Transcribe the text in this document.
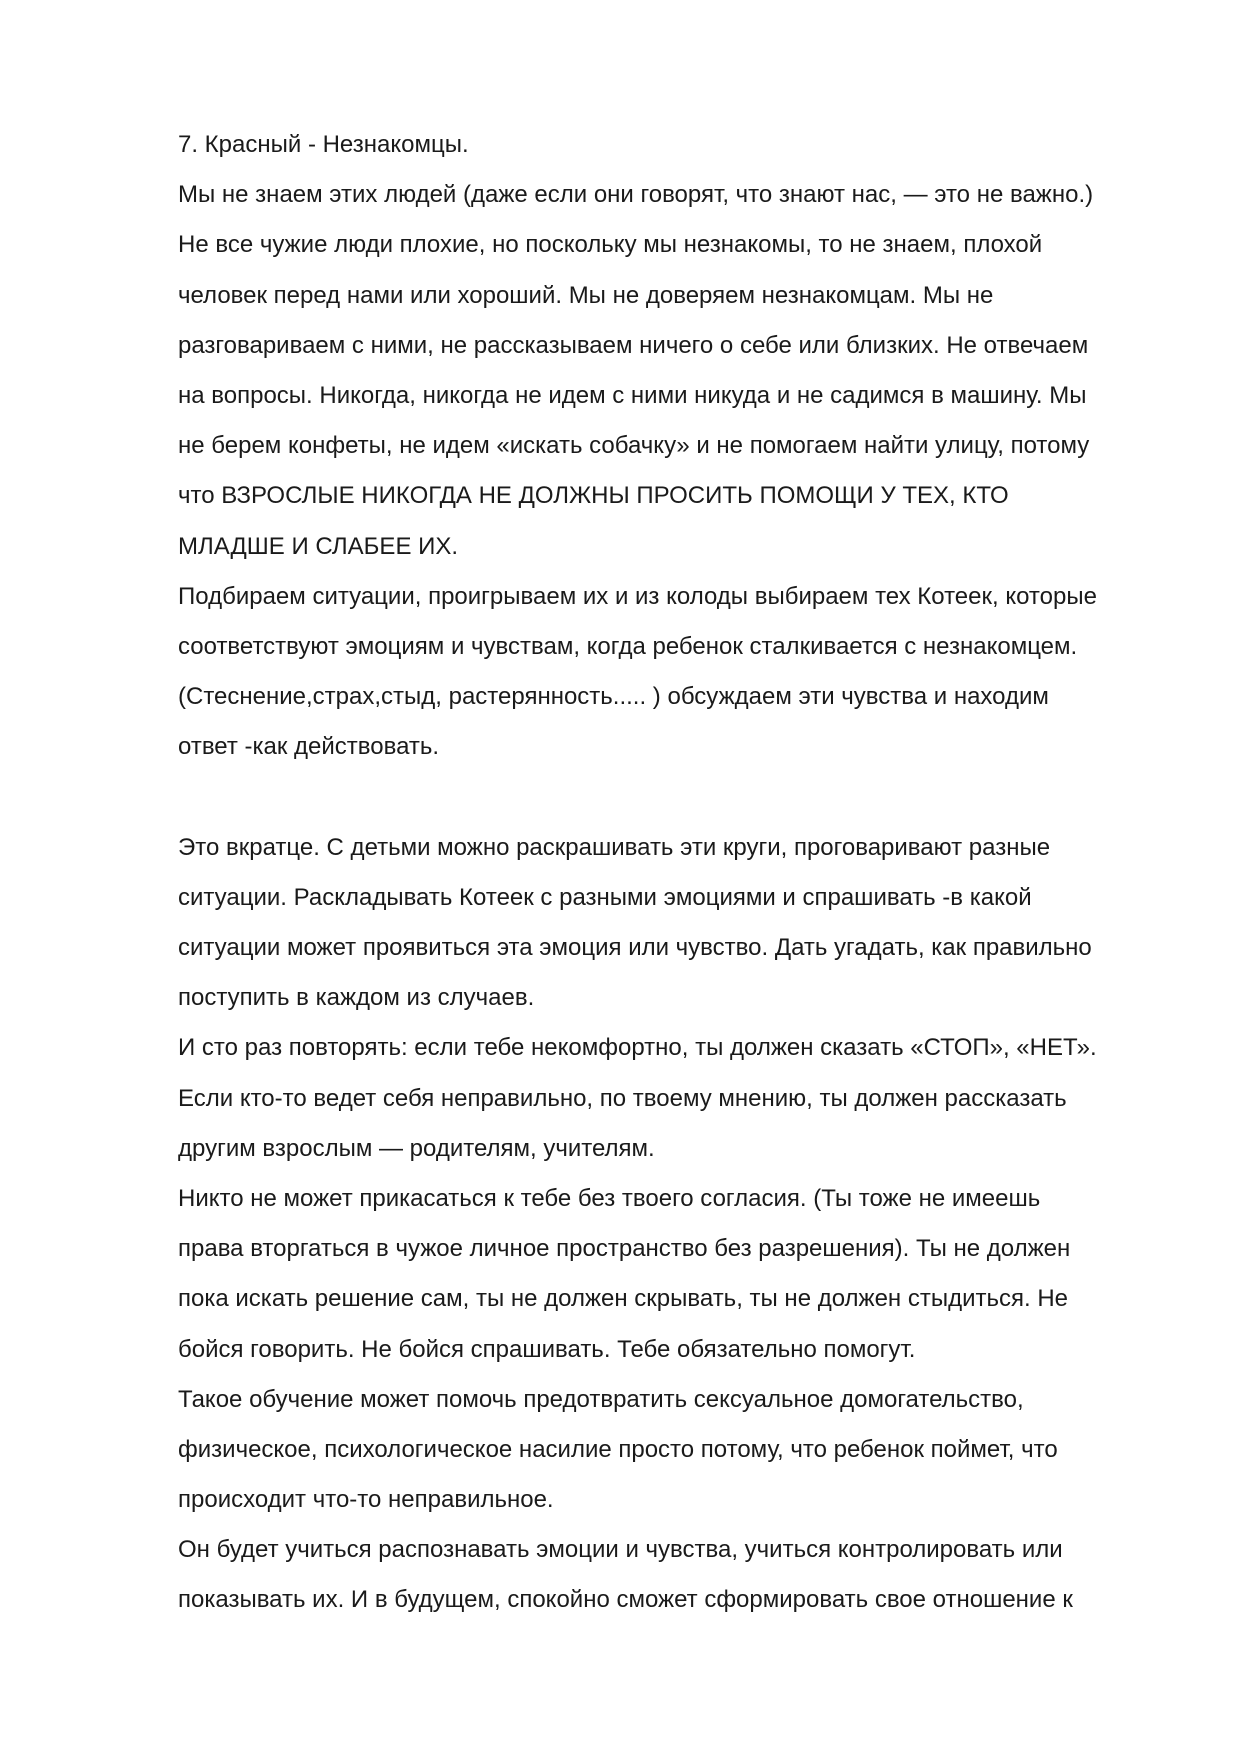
7. Красный - Незнакомцы.
Мы не знаем этих людей (даже если они говорят, что знают нас, — это не важно.)
Не все чужие люди плохие, но поскольку мы незнакомы, то не знаем, плохой
человек перед нами или хороший. Мы не доверяем незнакомцам. Мы не
разговариваем с ними, не рассказываем ничего о себе или близких. Не отвечаем
на вопросы. Никогда, никогда не идем с ними никуда и не садимся в машину. Мы
не берем конфеты, не идем «искать собачку» и не помогаем найти улицу, потому
что ВЗРОСЛЫЕ НИКОГДА НЕ ДОЛЖНЫ ПРОСИТЬ ПОМОЩИ У ТЕХ, КТО
МЛАДШЕ И СЛАБЕЕ ИХ.
Подбираем ситуации, проигрываем их и из колоды выбираем тех Котеек, которые
соответствуют эмоциям и чувствам, когда ребенок сталкивается с незнакомцем.
(Стеснение,страх,стыд, растерянность..... ) обсуждаем эти чувства и находим
ответ -как действовать.
Это вкратце. С детьми можно раскрашивать эти круги, проговаривают разные
ситуации. Раскладывать Котеек с разными эмоциями и спрашивать -в какой
ситуации может проявиться эта эмоция или чувство. Дать угадать, как правильно
поступить в каждом из случаев.
И сто раз повторять: если тебе некомфортно, ты должен сказать «СТОП», «НЕТ».
Если кто-то ведет себя неправильно, по твоему мнению, ты должен рассказать
другим взрослым — родителям, учителям.
Никто не может прикасаться к тебе без твоего согласия. (Ты тоже не имеешь
права вторгаться в чужое личное пространство без разрешения). Ты не должен
пока искать решение сам, ты не должен скрывать, ты не должен стыдиться. Не
бойся говорить. Не бойся спрашивать. Тебе обязательно помогут.
Такое обучение может помочь предотвратить сексуальное домогательство,
физическое, психологическое насилие просто потому, что ребенок поймет, что
происходит что-то неправильное.
Он будет учиться распознавать эмоции и чувства, учиться контролировать или
показывать их. И в будущем, спокойно сможет сформировать свое отношение к
